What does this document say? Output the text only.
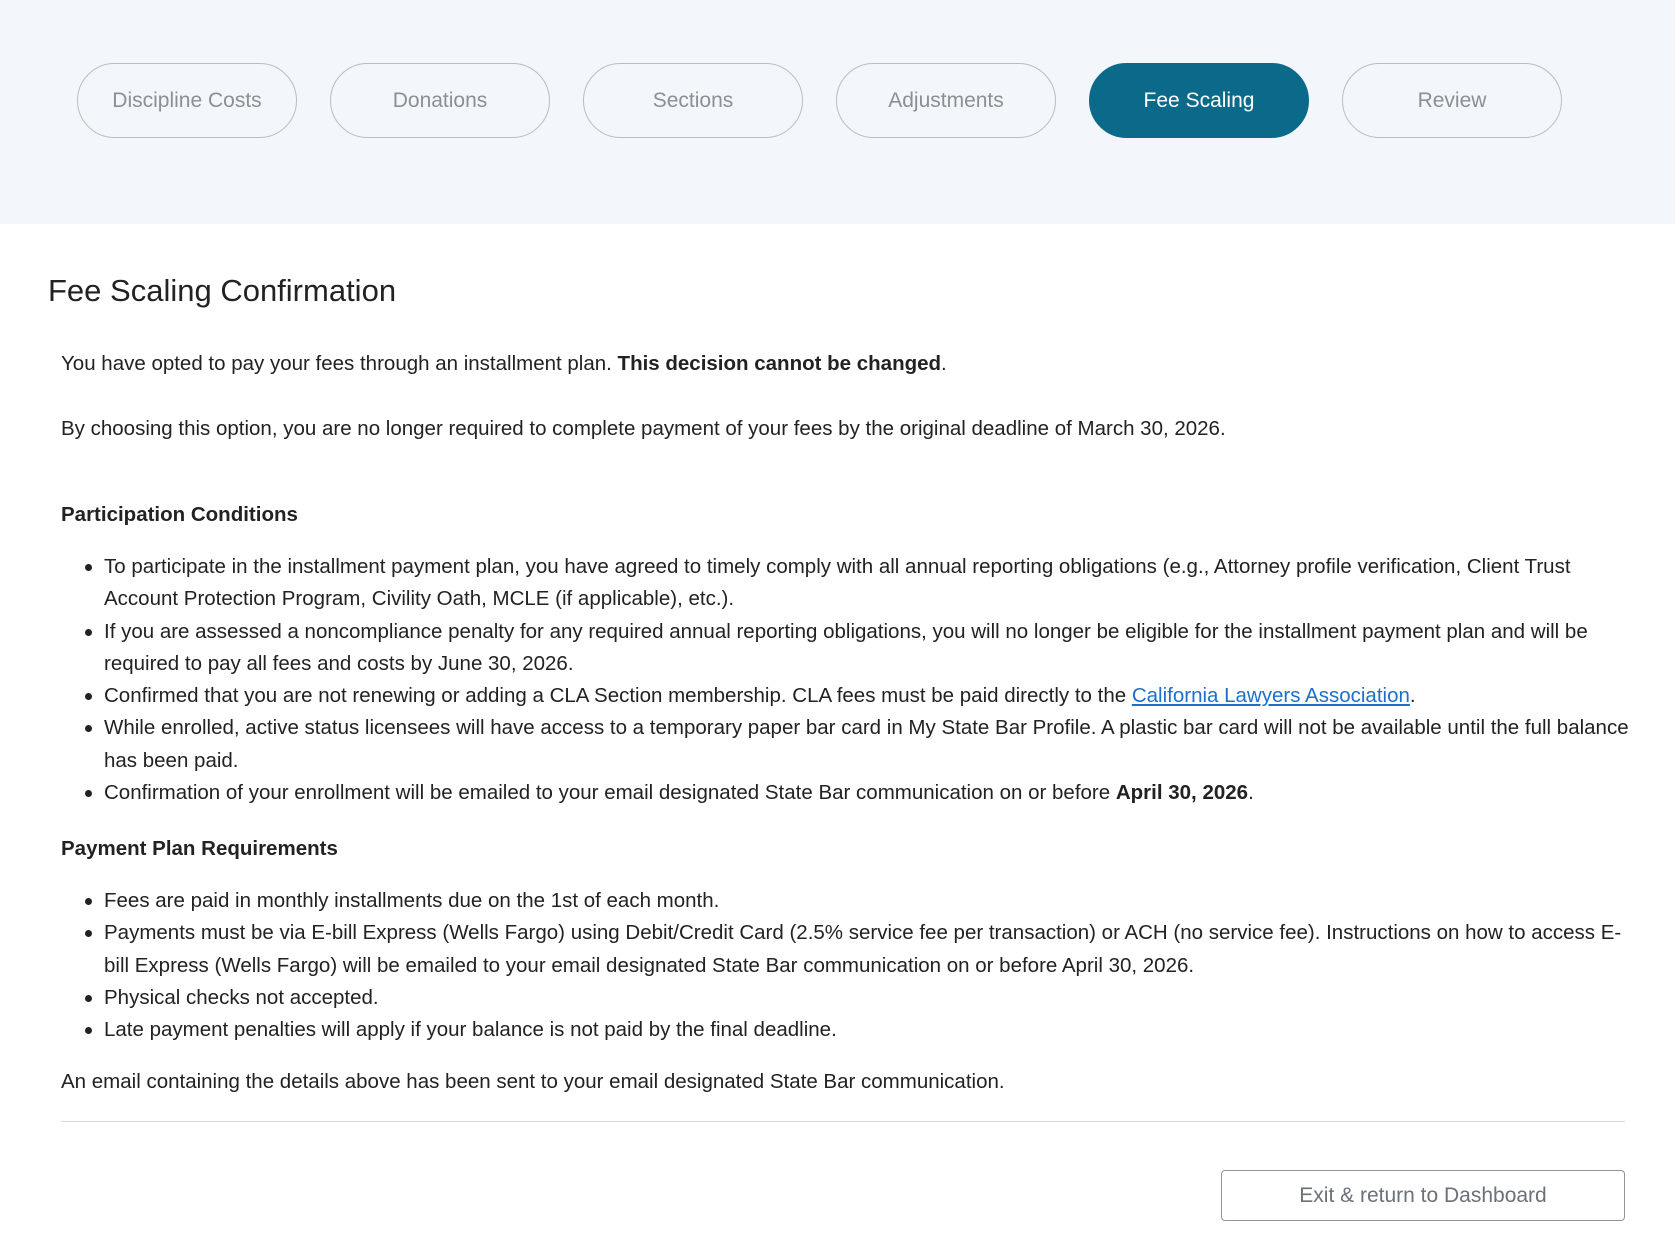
Discipline Costs	Donations	Sections	Adjustments	Fee Scaling	Review
Fee Scaling Confirmation

You have opted to pay your fees through an installment plan. This decision cannot be changed.

By choosing this option, you are no longer required to complete payment of your fees by the original deadline of March 30, 2026.

Participation Conditions
To participate in the installment payment plan, you have agreed to timely comply with all annual reporting obligations (e.g., Attorney profile verification, Client Trust Account Protection Program, Civility Oath, MCLE (if applicable), etc.).
If you are assessed a noncompliance penalty for any required annual reporting obligations, you will no longer be eligible for the installment payment plan and will be required to pay all fees and costs by June 30, 2026.
Confirmed that you are not renewing or adding a CLA Section membership. CLA fees must be paid directly to the California Lawyers Association.
While enrolled, active status licensees will have access to a temporary paper bar card in My State Bar Profile. A plastic bar card will not be available until the full balance has been paid.
Confirmation of your enrollment will be emailed to your email designated State Bar communication on or before April 30, 2026.
Payment Plan Requirements
Fees are paid in monthly installments due on the 1st of each month.
Payments must be via E-bill Express (Wells Fargo) using Debit/Credit Card (2.5% service fee per transaction) or ACH (no service fee). Instructions on how to access E-bill Express (Wells Fargo) will be emailed to your email designated State Bar communication on or before April 30, 2026.
Physical checks not accepted.
Late payment penalties will apply if your balance is not paid by the final deadline.

An email containing the details above has been sent to your email designated State Bar communication.

Exit & return to Dashboard
